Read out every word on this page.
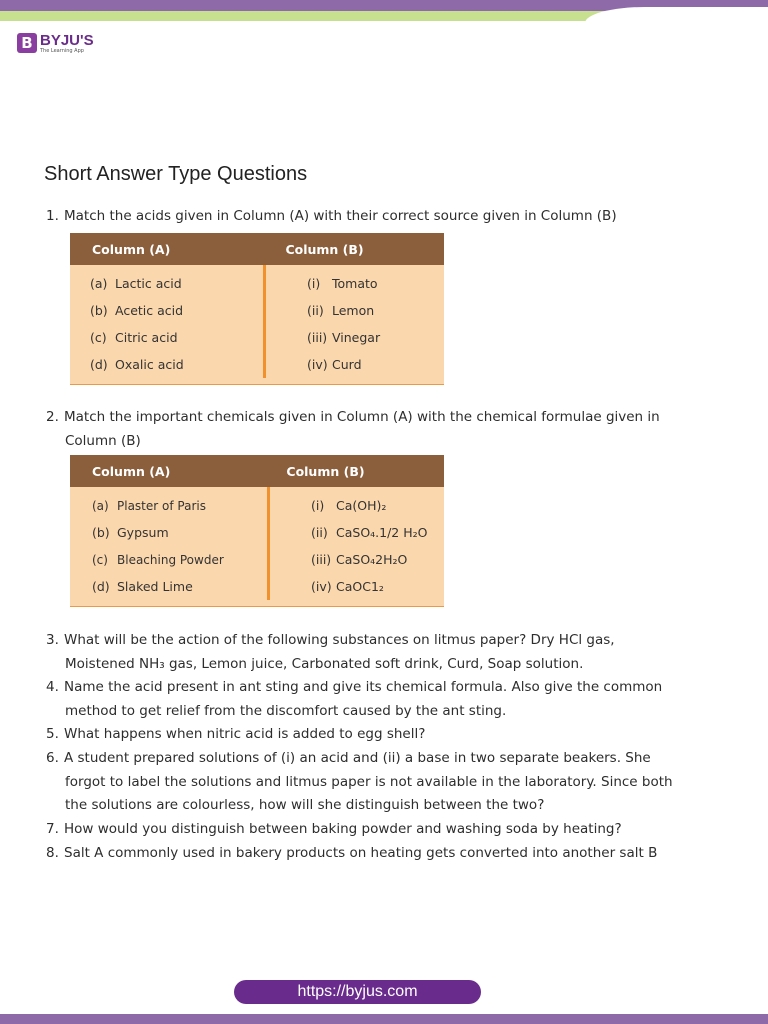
B BYJU'S
The Learning App
Short Answer Type Questions
1. Match the acids given in Column (A) with their correct source given in Column (B)
Column (A)	Column (B)
(a) Lactic acid
(b) Acetic acid
(c) Citric acid
(d) Oxalic acid
(i) Tomato
(ii) Lemon
(iii) Vinegar
(iv) Curd
2. Match the important chemicals given in Column (A) with the chemical formulae given in
Column (B)
Column (A)	Column (B)
(a) Plaster of Paris
(b) Gypsum
(c) Bleaching Powder
(d) Slaked Lime
(i) Ca(OH)₂
(ii) CaSO₄.1/2 H₂O
(iii) CaSO₄2H₂O
(iv) CaOC1₂
3. What will be the action of the following substances on litmus paper? Dry HCl gas,
Moistened NH₃ gas, Lemon juice, Carbonated soft drink, Curd, Soap solution.
4. Name the acid present in ant sting and give its chemical formula. Also give the common
method to get relief from the discomfort caused by the ant sting.
5. What happens when nitric acid is added to egg shell?
6. A student prepared solutions of (i) an acid and (ii) a base in two separate beakers. She
forgot to label the solutions and litmus paper is not available in the laboratory. Since both
the solutions are colourless, how will she distinguish between the two?
7. How would you distinguish between baking powder and washing soda by heating?
8. Salt A commonly used in bakery products on heating gets converted into another salt B
https://byjus.com
